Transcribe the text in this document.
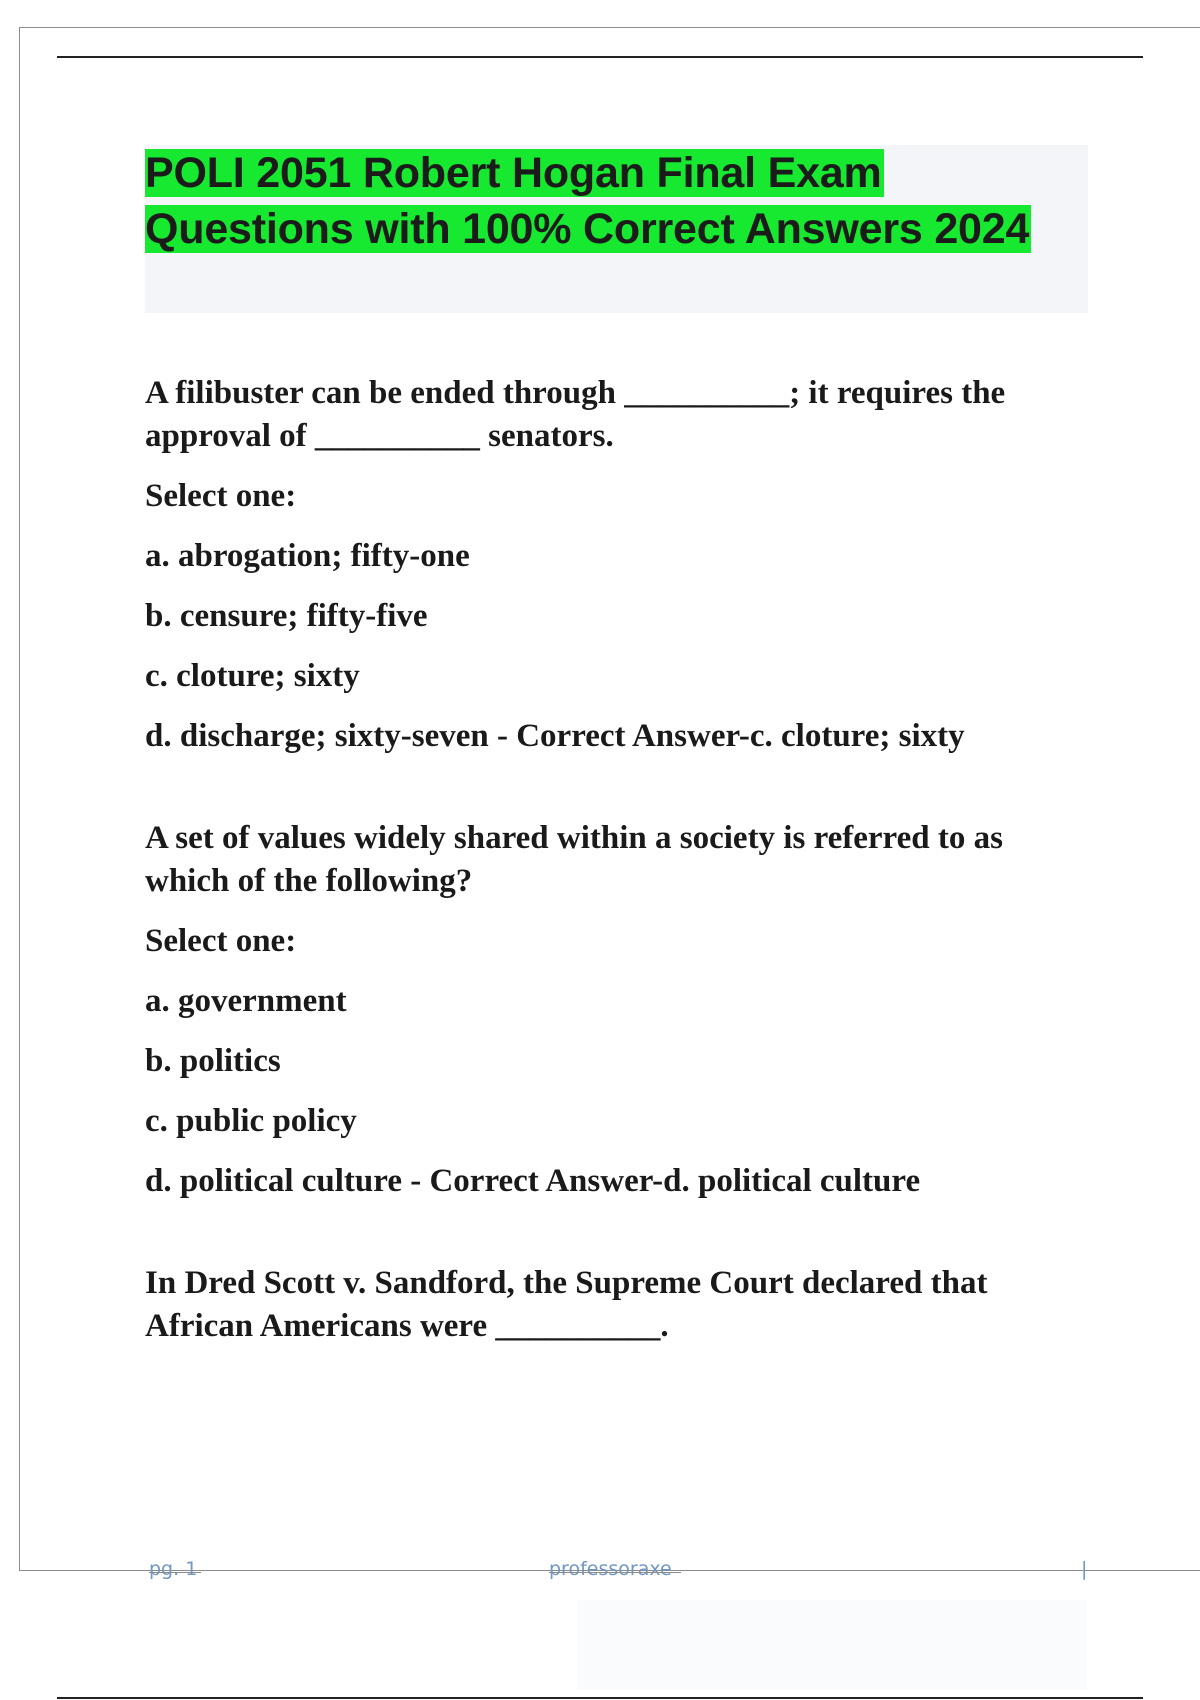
POLI 2051 Robert Hogan Final Exam Questions with 100% Correct Answers 2024

A filibuster can be ended through __________; it requires the approval of __________ senators.

Select one:

a. abrogation; fifty-one

b. censure; fifty-five

c. cloture; sixty

d. discharge; sixty-seven - Correct Answer-c. cloture; sixty

A set of values widely shared within a society is referred to as which of the following?

Select one:

a. government

b. politics

c. public policy

d. political culture - Correct Answer-d. political culture

In Dred Scott v. Sandford, the Supreme Court declared that African Americans were __________.

pg. 1	professoraxe	|
